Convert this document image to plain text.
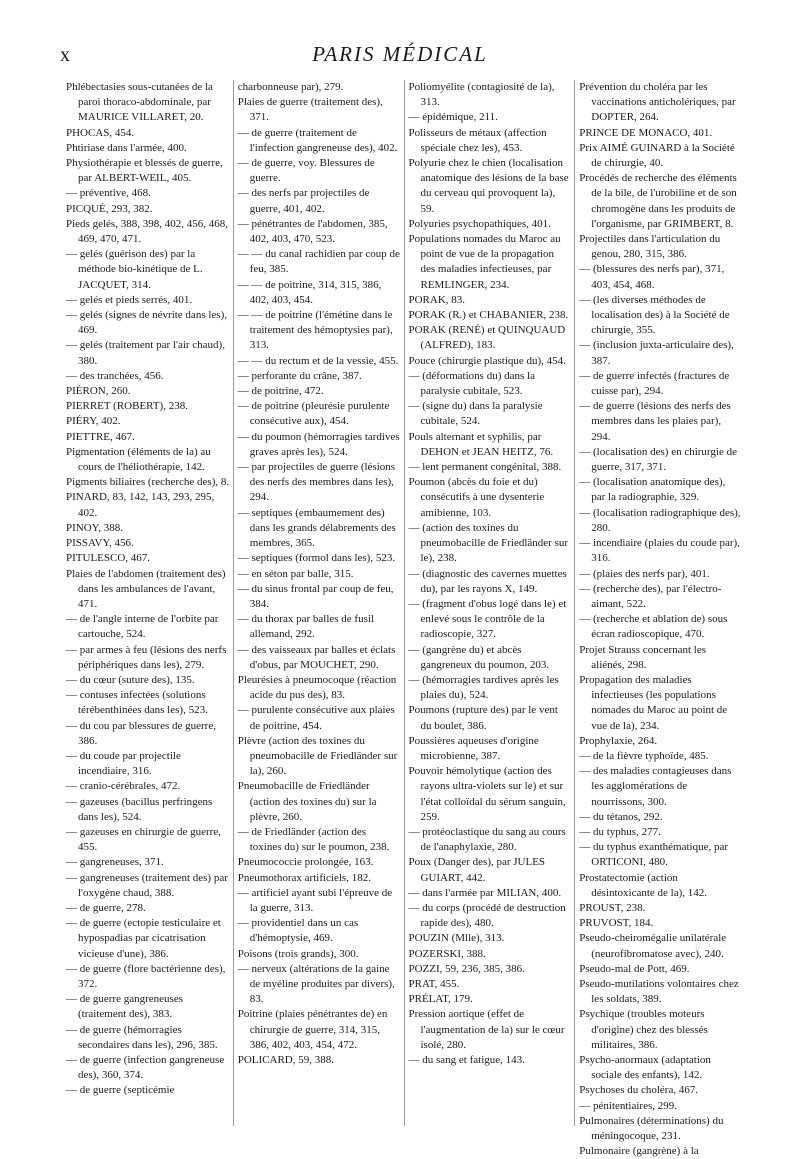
x	PARIS MÉDICAL

Phlébectasies sous-cutanées de la paroi thoraco-abdominale, par MAURICE VILLARET, 20.

PHOCAS, 454.

Phtiriase dans l'armée, 400.

Physiothérapie et blessés de guerre, par ALBERT-WEIL, 405.

— préventive, 468.

PICQUÉ, 293, 382.

Pieds gelés, 388, 398, 402, 456, 468, 469, 470, 471.

— gelés (guérison des) par la méthode bio-kinétique de L. JACQUET, 314.

— gelés et pieds serrés, 401.

— gelés (signes de névrite dans les), 469.

— gelés (traitement par l'air chaud), 380.

— des tranchées, 456.

PIÉRON, 260.

PIERRET (ROBERT), 238.

PIÉRY, 402.

PIETTRE, 467.

Pigmentation (éléments de la) au cours de l'héliothérapie, 142.

Pigments biliaires (recherche des), 8.

PINARD, 83, 142, 143, 293, 295, 402.

PINOY, 388.

PISSAVY, 456.

PITULESCO, 467.

Plaies de l'abdomen (traitement des) dans les ambulances de l'avant, 471.

— de l'angle interne de l'orbite par cartouche, 524.

— par armes à feu (lésions des nerfs périphériques dans les), 279.

— du cœur (suture des), 135.

— contuses infectées (solutions térébenthinées dans les), 523.

— du cou par blessures de guerre, 386.

— du coude par projectile incendiaire, 316.

— cranio-cérébrales, 472.

— gazeuses (bacillus perfringens dans les), 524.

— gazeuses en chirurgie de guerre, 455.

— gangreneuses, 371.

— gangreneuses (traitement des) par l'oxygène chaud, 388.

— de guerre, 278.

— de guerre (ectopie testiculaire et hypospadias par cicatrisation vicieuse d'une), 386.

— de guerre (flore bactérienne des), 372.

— de guerre gangreneuses (traitement des), 383.

— de guerre (hémorragies secondaires dans les), 296, 385.

— de guerre (infection gangreneuse des), 360, 374.

— de guerre (septicémie

charbonneuse par), 279.

Plaies de guerre (traitement des), 371.

— de guerre (traitement de l'infection gangreneuse des), 402.

— de guerre, voy. Blessures de guerre.

— des nerfs par projectiles de guerre, 401, 402.

— pénétrantes de l'abdomen, 385, 402, 403, 470, 523.

— — du canal rachidien par coup de feu, 385.

— — de poitrine, 314, 315, 386, 402, 403, 454.

— — de poitrine (l'émétine dans le traitement des hémoptysies par), 313.

— — du rectum et de la vessie, 455.

— perforante du crâne, 387.

— de poitrine, 472.

— de poitrine (pleurésie purulente consécutive aux), 454.

— du poumon (hémorragies tardives graves après les), 524.

— par projectiles de guerre (lésions des nerfs des membres dans les), 294.

— septiques (embaumement des) dans les grands délabrements des membres, 365.

— septiques (formol dans les), 523.

— en séton par balle, 315.

— du sinus frontal par coup de feu, 384.

— du thorax par balles de fusil allemand, 292.

— des vaisseaux par balles et éclats d'obus, par MOUCHET, 290.

Pleurésies à pneumocoque (réaction acide du pus des), 83.

— purulente consécutive aux plaies de poitrine, 454.

Plèvre (action des toxines du pneumobacille de Friedländer sur la), 260.

Pneumobacille de Friedländer (action des toxines du) sur la plèvre, 260.

— de Friedländer (action des toxines du) sur le poumon, 238.

Pneumococcie prolongée, 163.

Pneumothorax artificiels, 182.

— artificiel ayant subi l'épreuve de la guerre, 313.

— providentiel dans un cas d'hémoptysie, 469.

Poisons (trois grands), 300.

— nerveux (altérations de la gaine de myéline produites par divers), 83.

Poitrine (plaies pénétrantes de) en chirurgie de guerre, 314, 315, 386, 402, 403, 454, 472.

POLICARD, 59, 388.

Poliomyélite (contagiosité de la), 313.

— épidémique, 211.

Polisseurs de métaux (affection spéciale chez les), 453.

Polyurie chez le chien (localisation anatomique des lésions de la base du cerveau qui provoquent la), 59.

Polyuries psychopathiques, 401.

Populations nomades du Maroc au point de vue de la propagation des maladies infectieuses, par REMLINGER, 234.

PORAK, 83.

PORAK (R.) et CHABANIER, 238.

PORAK (RENÉ) et QUINQUAUD (ALFRED), 183.

Pouce (chirurgie plastique du), 454.

— (déformations du) dans la paralysie cubitale, 523.

— (signe du) dans la paralysie cubitale, 524.

Pouls alternant et syphilis, par DEHON et JEAN HEITZ, 76.

— lent permanent congénital, 388.

Poumon (abcès du foie et du) consécutifs à une dysenterie amibienne, 103.

— (action des toxines du pneumobacille de Friedländer sur le), 238.

— (diagnostic des cavernes muettes du), par les rayons X, 149.

— (fragment d'obus logé dans le) et enlevé sous le contrôle de la radioscopie, 327.

— (gangrène du) et abcès gangreneux du poumon, 203.

— (hémorragies tardives après les plaies du), 524.

Poumons (rupture des) par le vent du boulet, 386.

Poussières aqueuses d'origine microbienne, 387.

Pouvoir hémolytique (action des rayons ultra-violets sur le) et sur l'état colloïdal du sérum sanguin, 259.

— protéoclastique du sang au cours de l'anaphylaxie, 280.

Poux (Danger des), par JULES GUIART, 442.

— dans l'armée par MILIAN, 400.

— du corps (procédé de destruction rapide des), 480.

POUZIN (Mlle), 313.

POZERSKI, 388.

POZZI, 59, 236, 385, 386.

PRAT, 455.

PRÉLAT, 179.

Pression aortique (effet de l'augmentation de la) sur le cœur isolé, 280.

— du sang et fatigue, 143.

Prévention du choléra par les vaccinations anticholériques, par DOPTER, 264.

PRINCE DE MONACO, 401.

Prix AIMÉ GUINARD à la Société de chirurgie, 40.

Procédés de recherche des éléments de la bile, de l'urobiline et de son chromogène dans les produits de l'organisme, par GRIMBERT, 8.

Projectiles dans l'articulation du genou, 280, 315, 386.

— (blessures des nerfs par), 371, 403, 454, 468.

— (les diverses méthodes de localisation des) à la Société de chirurgie, 355.

— (inclusion juxta-articulaire des), 387.

— de guerre infectés (fractures de cuisse par), 294.

— de guerre (lésions des nerfs des membres dans les plaies par), 294.

— (localisation des) en chirurgie de guerre, 317, 371.

— (localisation anatomique des), par la radiographie, 329.

— (localisation radiographique des), 280.

— incendiaire (plaies du coude par), 316.

— (plaies des nerfs par), 401.

— (recherche des), par l'électro-aimant, 522.

— (recherche et ablation de) sous écran radioscopique, 470.

Projet Strauss concernant les aliénés, 298.

Propagation des maladies infectieuses (les populations nomades du Maroc au point de vue de la), 234.

Prophylaxie, 264.

— de la fièvre typhoïde, 485.

— des maladies contagieuses dans les agglomérations de nourrissons, 300.

— du tétanos, 292.

— du typhus, 277.

— du typhus exanthématique, par ORTICONI, 480.

Prostatectomie (action désintoxicante de la), 142.

PROUST, 238.

PRUVOST, 184.

Pseudo-cheiromégalie unilatérale (neurofibromatose avec), 240.

Pseudo-mal de Pott, 469.

Pseudo-mutilations volontaires chez les soldats, 389.

Psychique (troubles moteurs d'origine) chez des blessés militaires, 386.

Psycho-anormaux (adaptation sociale des enfants), 142.

Psychoses du choléra, 467.

— pénitentiaires, 299.

Pulmonaires (déterminations) du méningocoque, 231.

Pulmonaire (gangrène) à la
